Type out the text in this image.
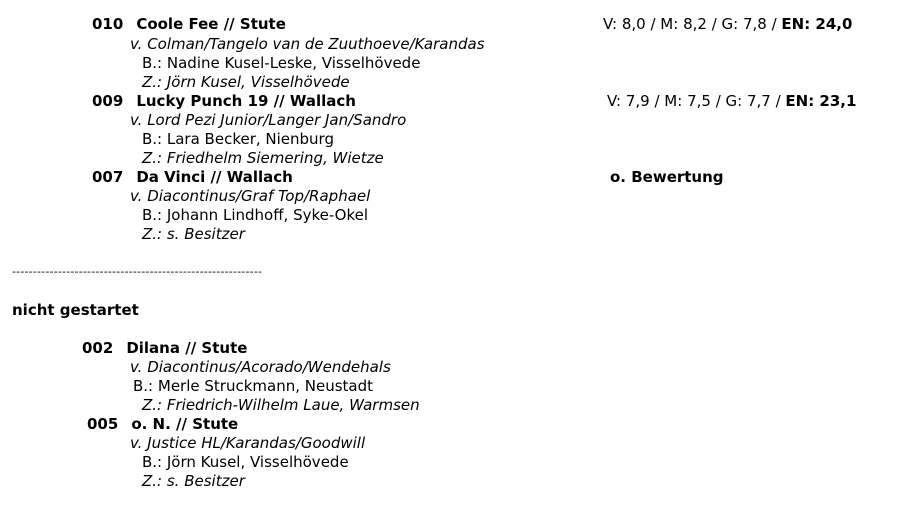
010 Coole Fee // Stute	V: 8,0 / M: 8,2 / G: 7,8 / EN: 24,0
v. Colman/Tangelo van de Zuuthoeve/Karandas
B.: Nadine Kusel-Leske, Visselhövede
Z.: Jörn Kusel, Visselhövede
009 Lucky Punch 19 // Wallach	V: 7,9 / M: 7,5 / G: 7,7 / EN: 23,1
v. Lord Pezi Junior/Langer Jan/Sandro
B.: Lara Becker, Nienburg
Z.: Friedhelm Siemering, Wietze
007 Da Vinci // Wallach	o. Bewertung
v. Diacontinus/Graf Top/Raphael
B.: Johann Lindhoff, Syke-Okel
Z.: s. Besitzer
------------------------------------------------------------
nicht gestartet
002 Dilana // Stute
v. Diacontinus/Acorado/Wendehals
B.: Merle Struckmann, Neustadt
Z.: Friedrich-Wilhelm Laue, Warmsen
005 o. N. // Stute
v. Justice HL/Karandas/Goodwill
B.: Jörn Kusel, Visselhövede
Z.: s. Besitzer
